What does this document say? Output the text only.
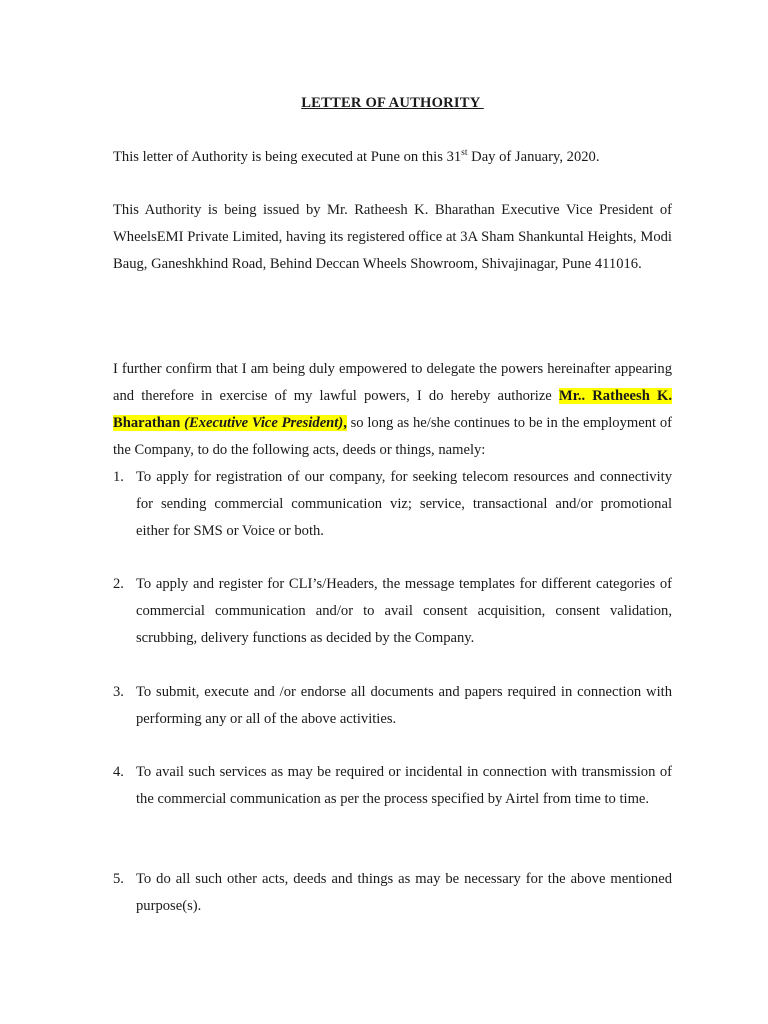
LETTER OF AUTHORITY

This letter of Authority is being executed at Pune on this 31st Day of January, 2020.

This Authority is being issued by Mr. Ratheesh K. Bharathan Executive Vice President of WheelsEMI Private Limited, having its registered office at 3A Sham Shankuntal Heights, Modi Baug, Ganeshkhind Road, Behind Deccan Wheels Showroom, Shivajinagar, Pune 411016.

I further confirm that I am being duly empowered to delegate the powers hereinafter appearing and therefore in exercise of my lawful powers, I do hereby authorize Mr.. Ratheesh K. Bharathan (Executive Vice President), so long as he/she continues to be in the employment of the Company, to do the following acts, deeds or things, namely:

1. To apply for registration of our company, for seeking telecom resources and connectivity for sending commercial communication viz; service, transactional and/or promotional either for SMS or Voice or both.

2. To apply and register for CLI’s/Headers, the message templates for different categories of commercial communication and/or to avail consent acquisition, consent validation, scrubbing, delivery functions as decided by the Company.

3. To submit, execute and /or endorse all documents and papers required in connection with performing any or all of the above activities.

4. To avail such services as may be required or incidental in connection with transmission of the commercial communication as per the process specified by Airtel from time to time.

5. To do all such other acts, deeds and things as may be necessary for the above mentioned purpose(s).
